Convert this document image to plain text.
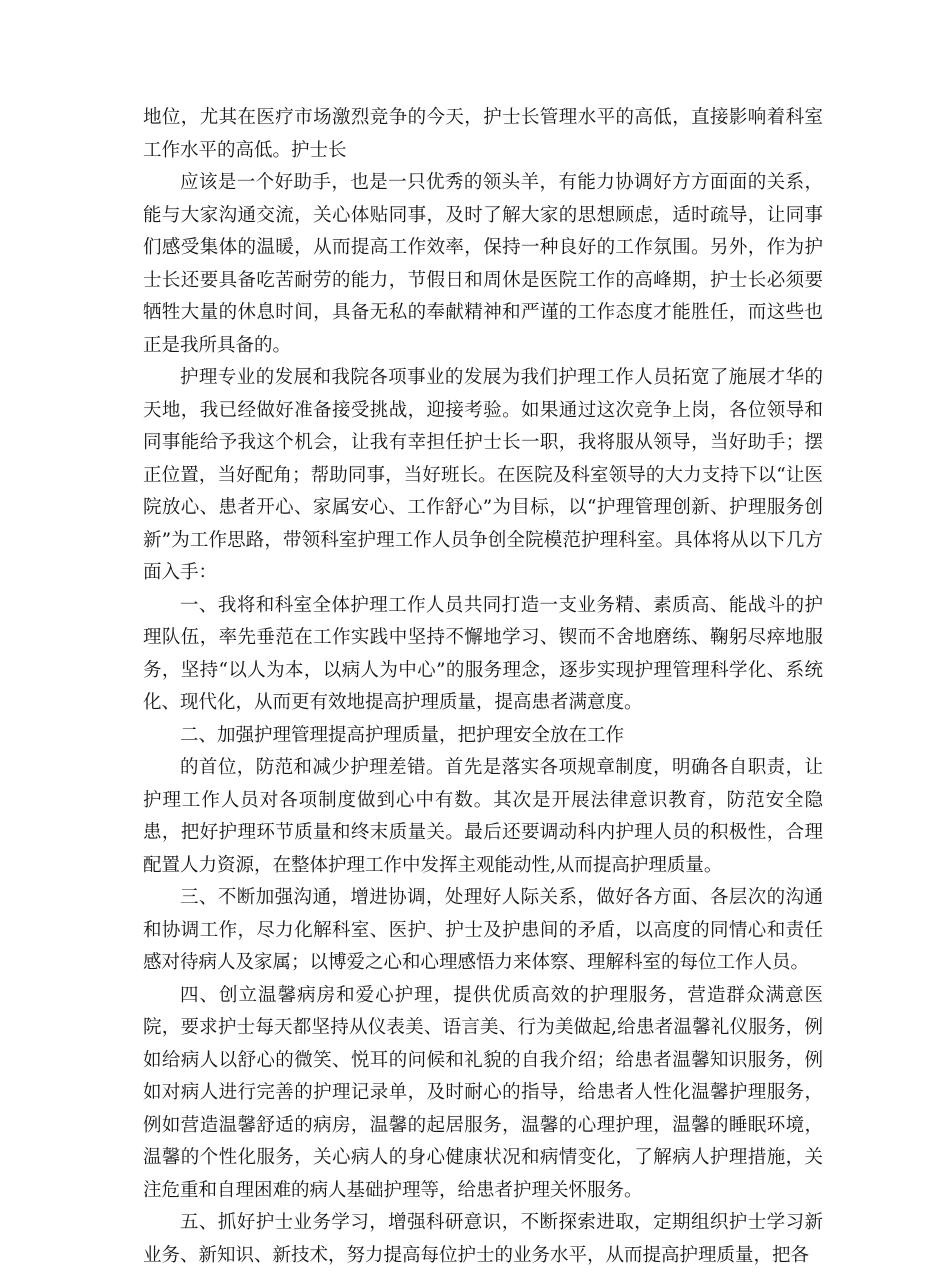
地位，尤其在医疗市场激烈竞争的今天，护士长管理水平的高低，直接影响着科室工作水平的高低。护士长

应该是一个好助手，也是一只优秀的领头羊，有能力协调好方方面面的关系，能与大家沟通交流，关心体贴同事，及时了解大家的思想顾虑，适时疏导，让同事们感受集体的温暖，从而提高工作效率，保持一种良好的工作氛围。另外，作为护士长还要具备吃苦耐劳的能力，节假日和周休是医院工作的高峰期，护士长必须要牺牲大量的休息时间，具备无私的奉献精神和严谨的工作态度才能胜任，而这些也正是我所具备的。

护理专业的发展和我院各项事业的发展为我们护理工作人员拓宽了施展才华的天地，我已经做好准备接受挑战，迎接考验。如果通过这次竞争上岗，各位领导和同事能给予我这个机会，让我有幸担任护士长一职，我将服从领导，当好助手；摆正位置，当好配角；帮助同事，当好班长。在医院及科室领导的大力支持下以“让医院放心、患者开心、家属安心、工作舒心”为目标，以“护理管理创新、护理服务创新”为工作思路，带领科室护理工作人员争创全院模范护理科室。具体将从以下几方面入手：

一、我将和科室全体护理工作人员共同打造一支业务精、素质高、能战斗的护理队伍，率先垂范在工作实践中坚持不懈地学习、锲而不舍地磨练、鞠躬尽瘁地服务，坚持“以人为本，以病人为中心”的服务理念，逐步实现护理管理科学化、系统化、现代化，从而更有效地提高护理质量，提高患者满意度。

二、加强护理管理提高护理质量，把护理安全放在工作

的首位，防范和减少护理差错。首先是落实各项规章制度，明确各自职责，让护理工作人员对各项制度做到心中有数。其次是开展法律意识教育，防范安全隐患，把好护理环节质量和终末质量关。最后还要调动科内护理人员的积极性，合理配置人力资源，在整体护理工作中发挥主观能动性,从而提高护理质量。

三、不断加强沟通，增进协调，处理好人际关系，做好各方面、各层次的沟通和协调工作，尽力化解科室、医护、护士及护患间的矛盾，以高度的同情心和责任感对待病人及家属；以博爱之心和心理感悟力来体察、理解科室的每位工作人员。

四、创立温馨病房和爱心护理，提供优质高效的护理服务，营造群众满意医院，要求护士每天都坚持从仪表美、语言美、行为美做起,给患者温馨礼仪服务，例如给病人以舒心的微笑、悦耳的问候和礼貌的自我介绍；给患者温馨知识服务，例如对病人进行完善的护理记录单，及时耐心的指导，给患者人性化温馨护理服务，例如营造温馨舒适的病房，温馨的起居服务，温馨的心理护理，温馨的睡眠环境，温馨的个性化服务，关心病人的身心健康状况和病情变化，了解病人护理措施，关注危重和自理困难的病人基础护理等，给患者护理关怀服务。

五、抓好护士业务学习，增强科研意识，不断探索进取，定期组织护士学习新业务、新知识、新技术，努力提高每位护士的业务水平，从而提高护理质量，把各
